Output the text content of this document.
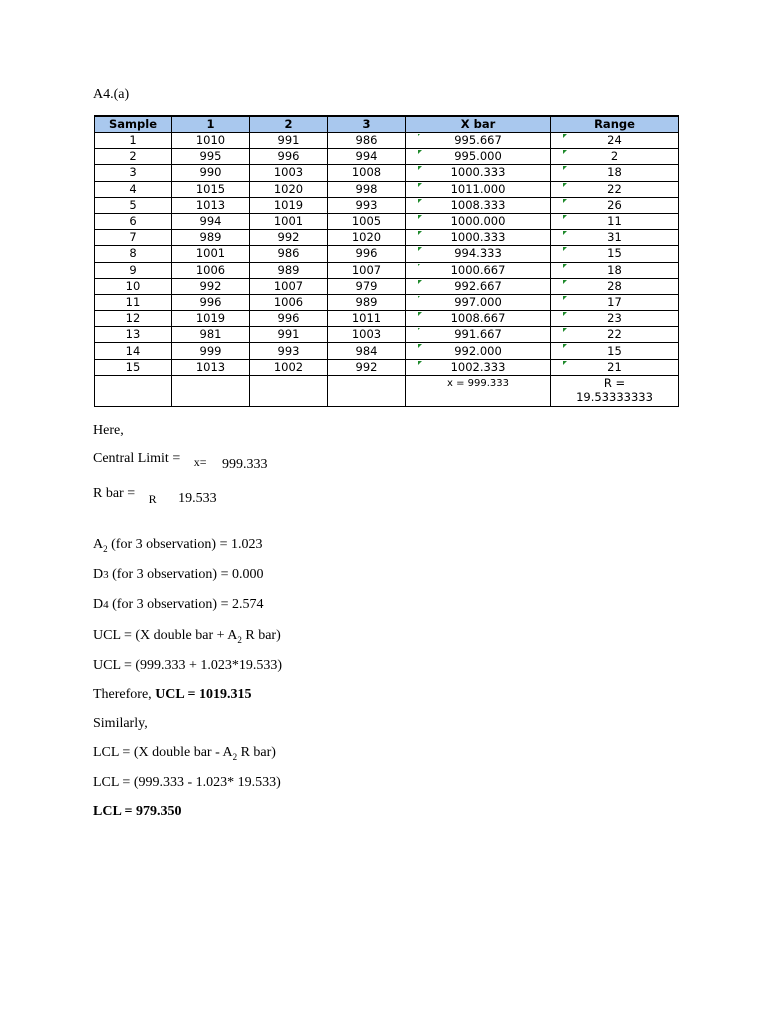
A4.(a)
Sample	1	2	3	X bar	Range
1	1010	991	986	995.667	24
2	995	996	994	995.000	2
3	990	1003	1008	1000.333	18
4	1015	1020	998	1011.000	22
5	1013	1019	993	1008.333	26
6	994	1001	1005	1000.000	11
7	989	992	1020	1000.333	31
8	1001	986	996	994.333	15
9	1006	989	1007	1000.667	18
10	992	1007	979	992.667	28
11	996	1006	989	997.000	17
12	1019	996	1011	1008.667	23
13	981	991	1003	991.667	22
14	999	993	984	992.000	15
15	1013	1002	992	1002.333	21

				x = 999.333	R =
19.53333333
Here,
Central Limit = x= 999.333
R bar = R 19.533
$A_2$ (for 3 observation) = 1.023
D3 (for 3 observation) = 0.000
D4 (for 3 observation) = 2.574
UCL = (X double bar + $A_2$ R bar)
UCL = (999.333 + 1.023*19.533)
Therefore, UCL = 1019.315
Similarly,
LCL = (X double bar - $A_2$ R bar)
LCL = (999.333 - 1.023* 19.533)
LCL = 979.350
